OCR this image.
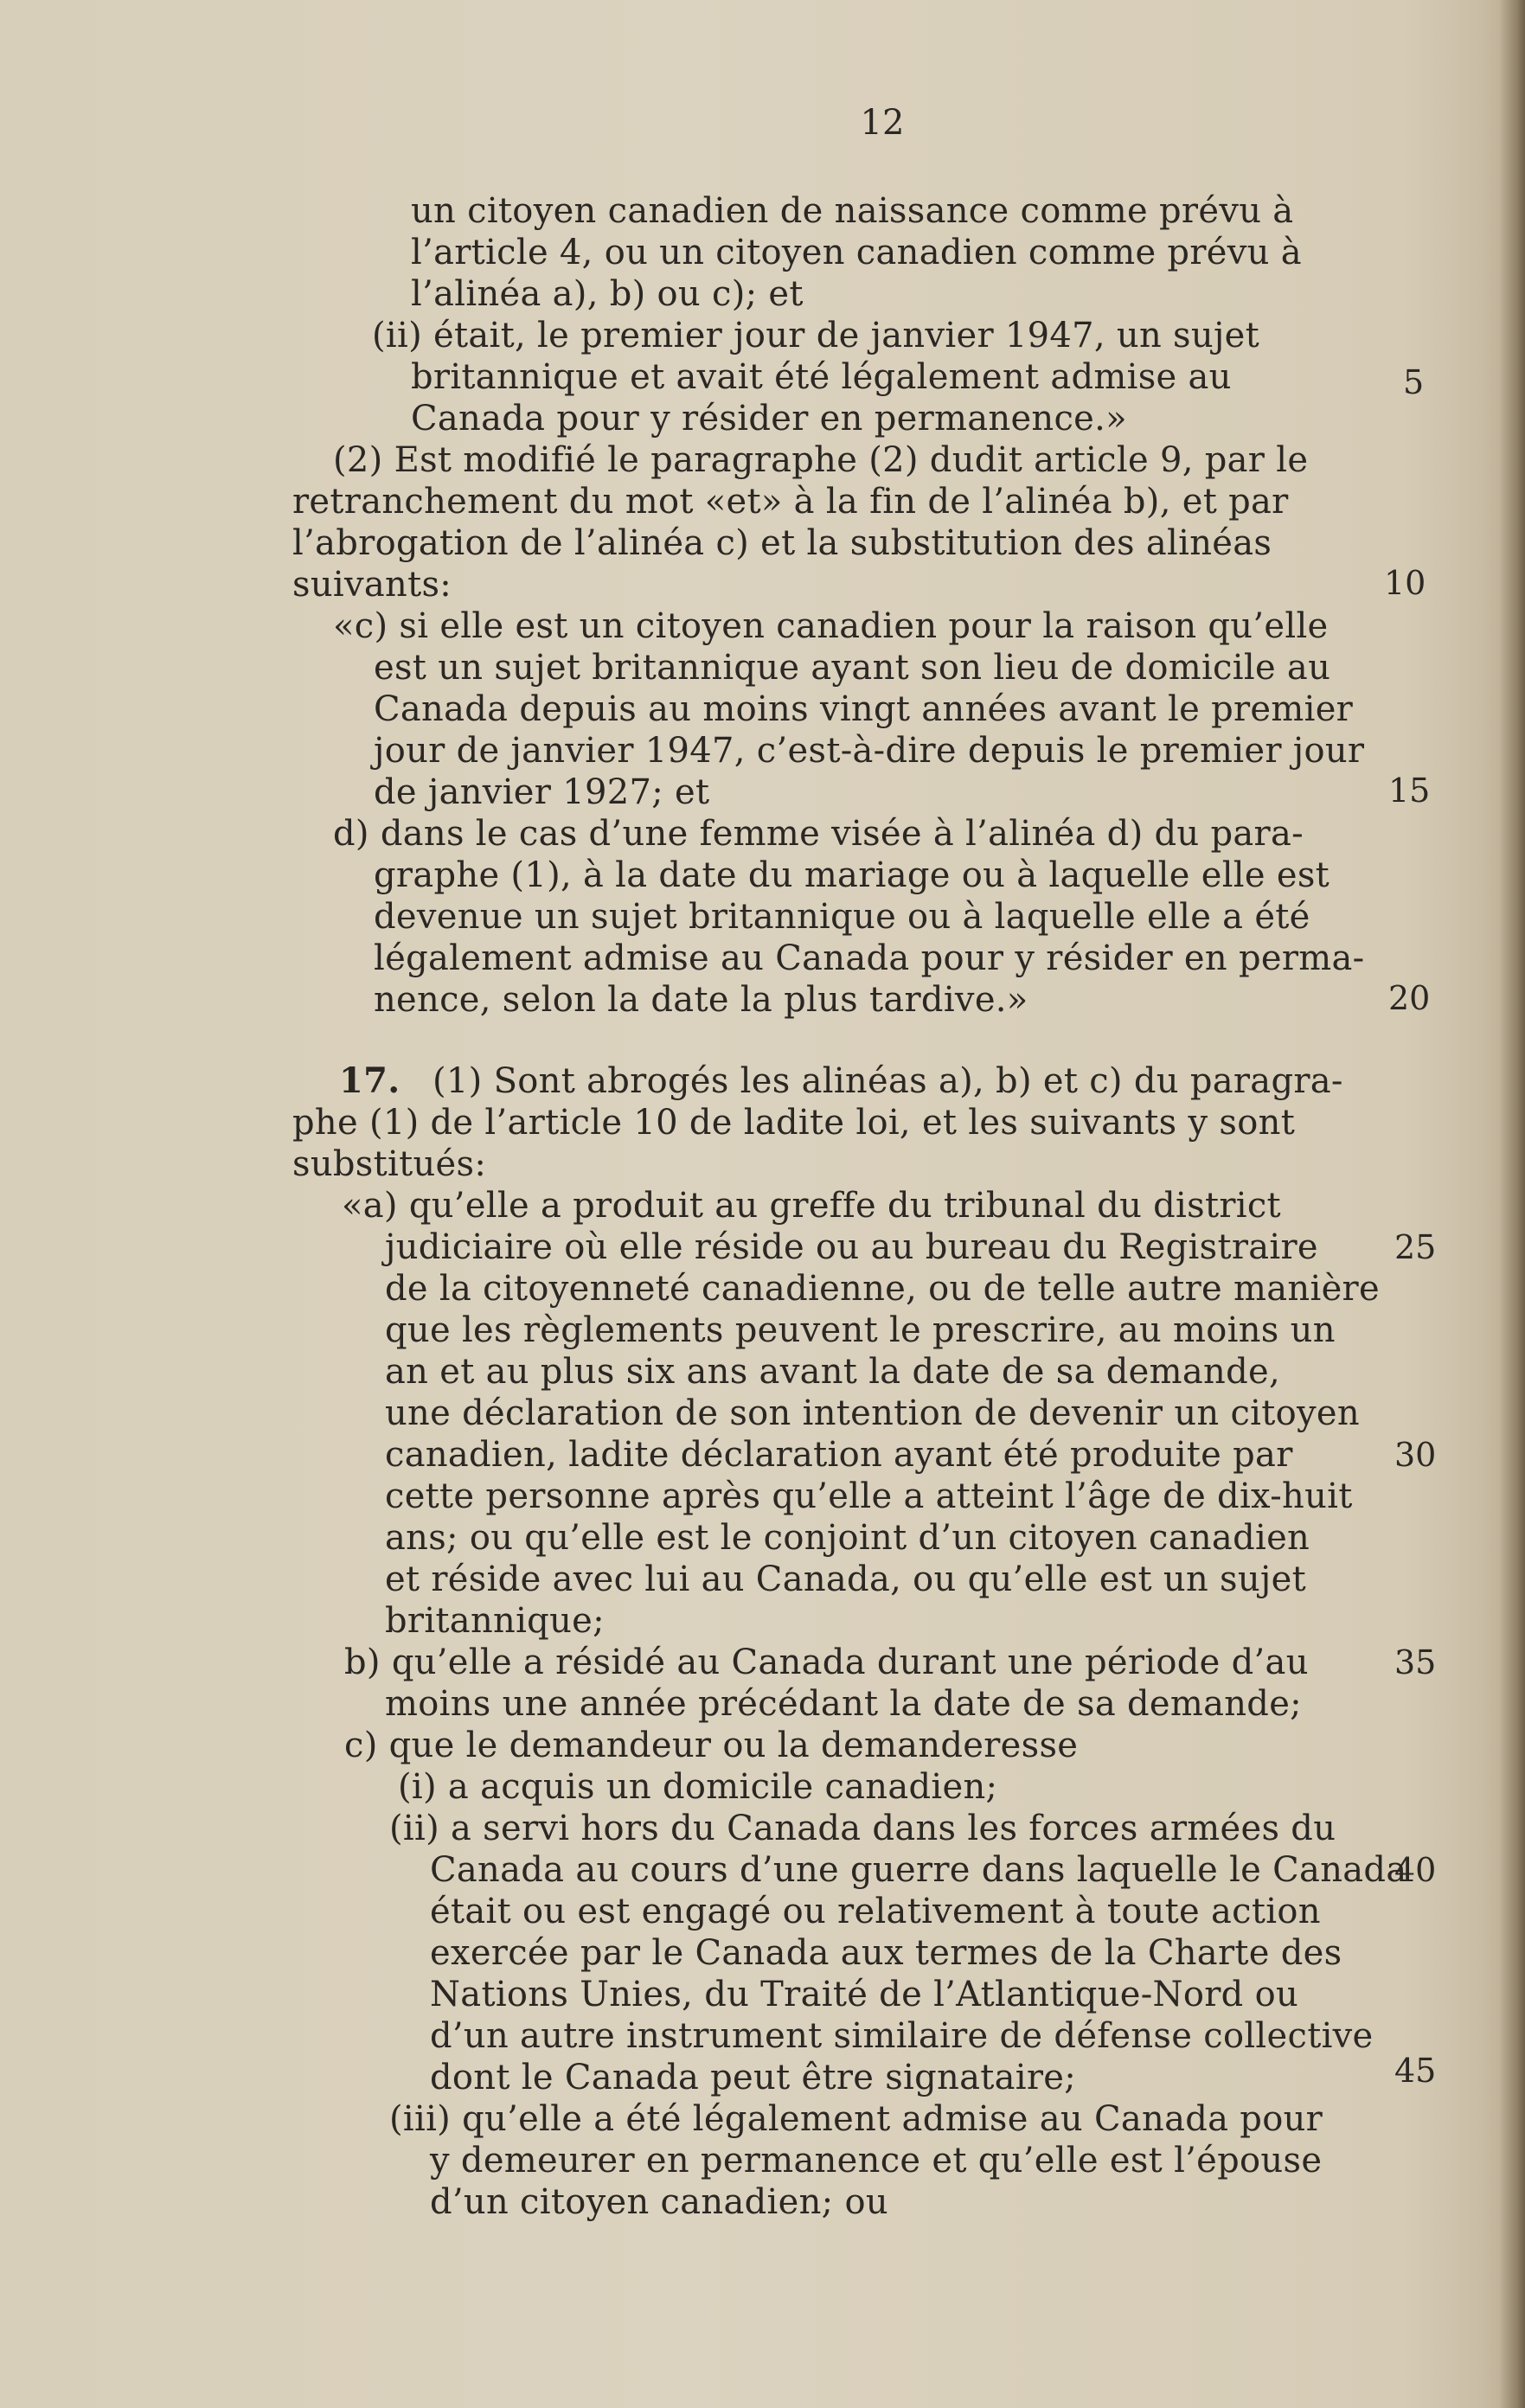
12
un citoyen canadien de naissance comme prévu à
l’article 4, ou un citoyen canadien comme prévu à
l’alinéa a), b) ou c); et
(ii) était, le premier jour de janvier 1947, un sujet
britannique et avait été légalement admise au
Canada pour y résider en permanence.»
(2) Est modifié le paragraphe (2) dudit article 9, par le
retranchement du mot «et» à la fin de l’alinéa b), et par
l’abrogation de l’alinéa c) et la substitution des alinéas
suivants:
«c) si elle est un citoyen canadien pour la raison qu’elle
est un sujet britannique ayant son lieu de domicile au
Canada depuis au moins vingt années avant le premier
jour de janvier 1947, c’est-à-dire depuis le premier jour
de janvier 1927; et
d) dans le cas d’une femme visée à l’alinéa d) du para-
graphe (1), à la date du mariage ou à laquelle elle est
devenue un sujet britannique ou à laquelle elle a été
légalement admise au Canada pour y résider en perma-
nence, selon la date la plus tardive.»
17. (1) Sont abrogés les alinéas a), b) et c) du paragra-
phe (1) de l’article 10 de ladite loi, et les suivants y sont
substitués:
«a) qu’elle a produit au greffe du tribunal du district
judiciaire où elle réside ou au bureau du Registraire
de la citoyenneté canadienne, ou de telle autre manière
que les règlements peuvent le prescrire, au moins un
an et au plus six ans avant la date de sa demande,
une déclaration de son intention de devenir un citoyen
canadien, ladite déclaration ayant été produite par
cette personne après qu’elle a atteint l’âge de dix-huit
ans; ou qu’elle est le conjoint d’un citoyen canadien
et réside avec lui au Canada, ou qu’elle est un sujet
britannique;
b) qu’elle a résidé au Canada durant une période d’au
moins une année précédant la date de sa demande;
c) que le demandeur ou la demanderesse
(i) a acquis un domicile canadien;
(ii) a servi hors du Canada dans les forces armées du
Canada au cours d’une guerre dans laquelle le Canada
était ou est engagé ou relativement à toute action
exercée par le Canada aux termes de la Charte des
Nations Unies, du Traité de l’Atlantique-Nord ou
d’un autre instrument similaire de défense collective
dont le Canada peut être signataire;
(iii) qu’elle a été légalement admise au Canada pour
y demeurer en permanence et qu’elle est l’épouse
d’un citoyen canadien; ou
5
10
15
20
25
30
35
40
45
